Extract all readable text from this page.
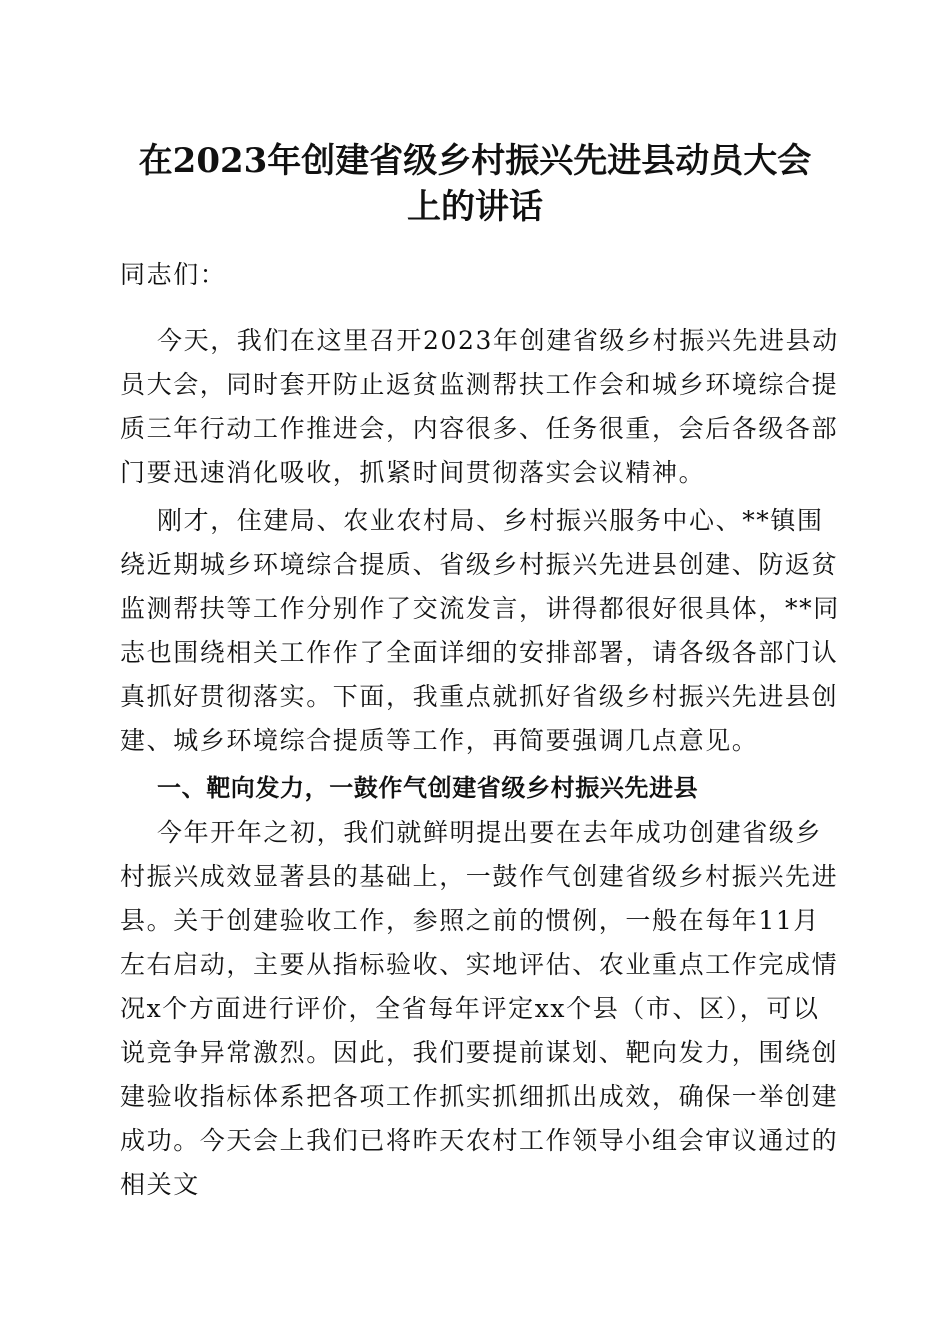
在2023年创建省级乡村振兴先进县动员大会
上的讲话
同志们：
今天，我们在这里召开2023年创建省级乡村振兴先进县动员大会，同时套开防止返贫监测帮扶工作会和城乡环境综合提质三年行动工作推进会，内容很多、任务很重，会后各级各部门要迅速消化吸收，抓紧时间贯彻落实会议精神。
刚才，住建局、农业农村局、乡村振兴服务中心、**镇围绕近期城乡环境综合提质、省级乡村振兴先进县创建、防返贫监测帮扶等工作分别作了交流发言，讲得都很好很具体，**同志也围绕相关工作作了全面详细的安排部署，请各级各部门认真抓好贯彻落实。下面，我重点就抓好省级乡村振兴先进县创建、城乡环境综合提质等工作，再简要强调几点意见。
一、靶向发力，一鼓作气创建省级乡村振兴先进县
今年开年之初，我们就鲜明提出要在去年成功创建省级乡村振兴成效显著县的基础上，一鼓作气创建省级乡村振兴先进县。关于创建验收工作，参照之前的惯例，一般在每年11月左右启动，主要从指标验收、实地评估、农业重点工作完成情况x个方面进行评价，全省每年评定xx个县（市、区），可以说竞争异常激烈。因此，我们要提前谋划、靶向发力，围绕创建验收指标体系把各项工作抓实抓细抓出成效，确保一举创建成功。今天会上我们已将昨天农村工作领导小组会审议通过的相关文
